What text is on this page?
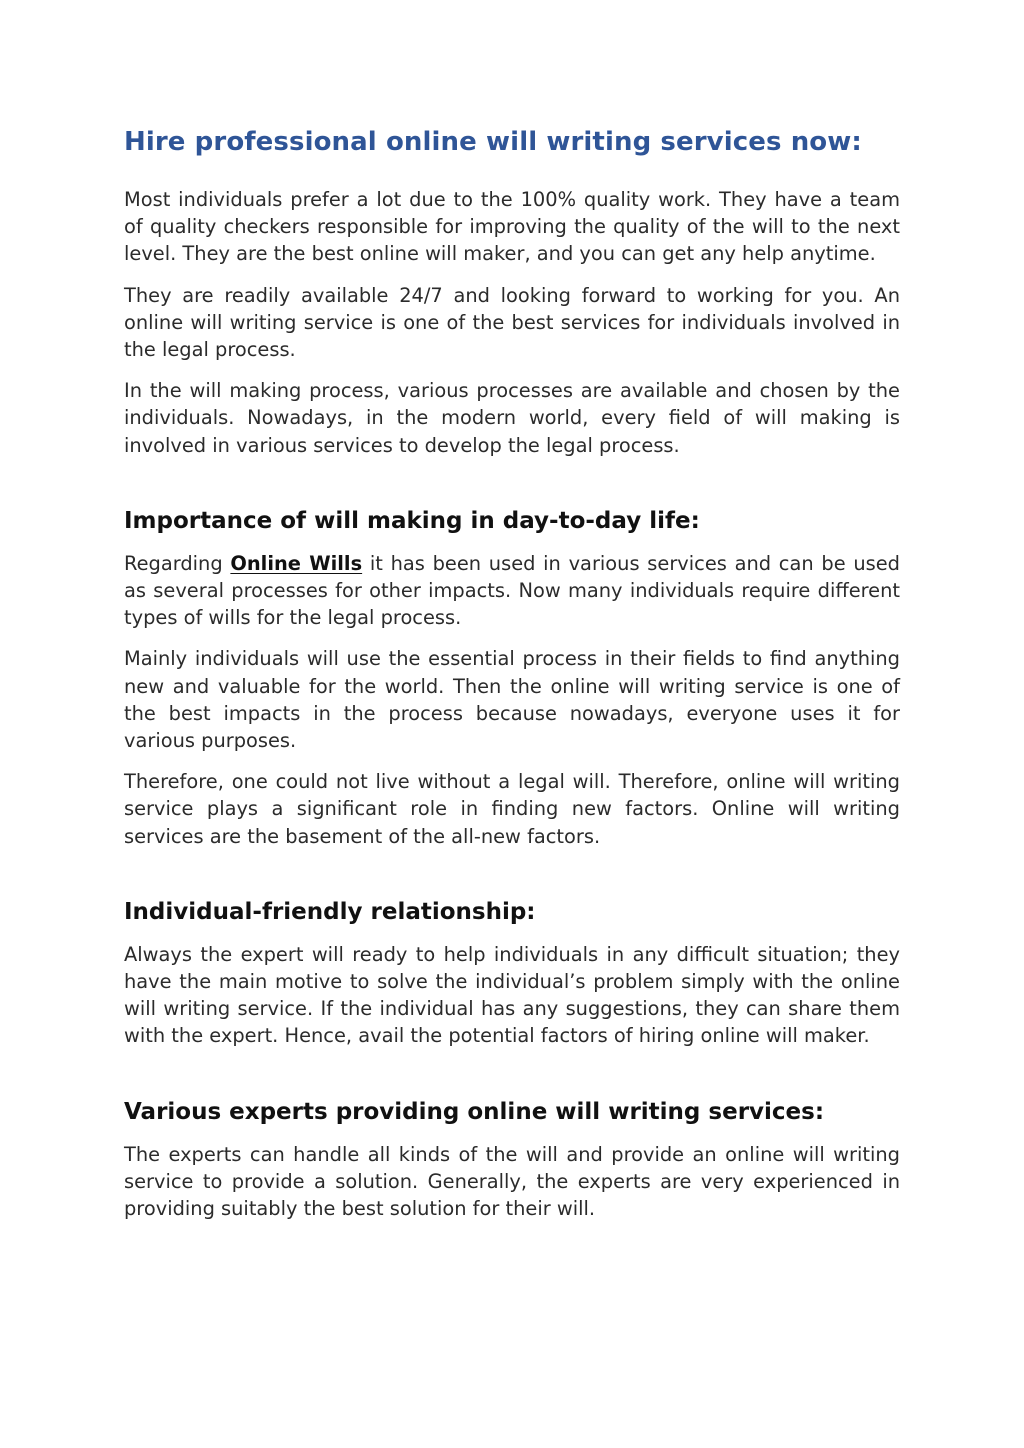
Hire professional online will writing services now:

Most individuals prefer a lot due to the 100% quality work. They have a team of quality checkers responsible for improving the quality of the will to the next level. They are the best online will maker, and you can get any help anytime.

They are readily available 24/7 and looking forward to working for you. An online will writing service is one of the best services for individuals involved in the legal process.

In the will making process, various processes are available and chosen by the individuals. Nowadays, in the modern world, every field of will making is involved in various services to develop the legal process.

Importance of will making in day-to-day life:

Regarding Online Wills it has been used in various services and can be used as several processes for other impacts. Now many individuals require different types of wills for the legal process.

Mainly individuals will use the essential process in their fields to find anything new and valuable for the world. Then the online will writing service is one of the best impacts in the process because nowadays, everyone uses it for various purposes.

Therefore, one could not live without a legal will. Therefore, online will writing service plays a significant role in finding new factors. Online will writing services are the basement of the all-new factors.

Individual-friendly relationship:

Always the expert will ready to help individuals in any difficult situation; they have the main motive to solve the individual’s problem simply with the online will writing service. If the individual has any suggestions, they can share them with the expert. Hence, avail the potential factors of hiring online will maker.

Various experts providing online will writing services:

The experts can handle all kinds of the will and provide an online will writing service to provide a solution. Generally, the experts are very experienced in providing suitably the best solution for their will.
